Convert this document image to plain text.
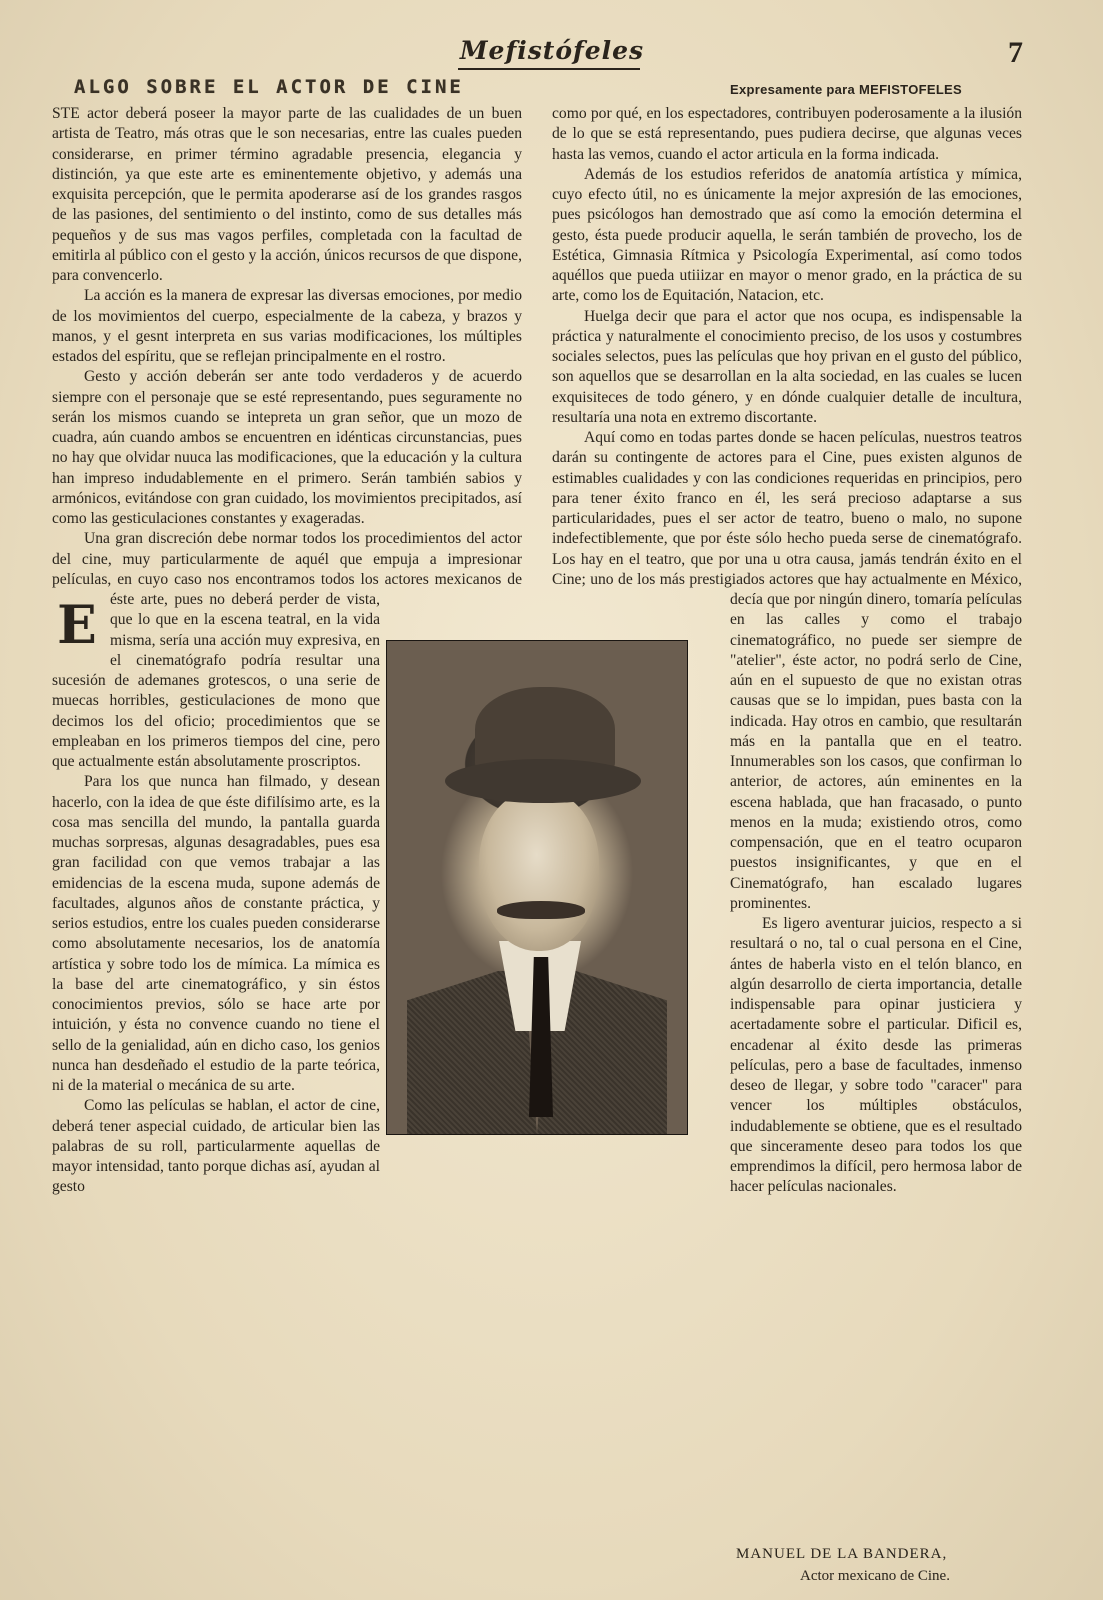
Mefistófeles	7
ALGO SOBRE EL ACTOR DE CINE	Expresamente para MEFISTOFELES

E
STE actor deberá poseer la mayor parte de las cualidades de un buen artista de Teatro, más otras que le son necesarias, entre las cuales pueden considerarse, en primer término agradable presencia, elegancia y distinción, ya que este arte es eminentemente objetivo, y además una exquisita percepción, que le permita apoderarse así de los grandes rasgos de las pasiones, del sentimiento o del instinto, como de sus detalles más pequeños y de sus mas vagos perfiles, completada con la facultad de emitirla al público con el gesto y la acción, únicos recursos de que dispone, para convencerlo.

La acción es la manera de expresar las diversas emociones, por medio de los movimientos del cuerpo, especialmente de la cabeza, y brazos y manos, y el gesnt interpreta en sus varias modificaciones, los múltiples estados del espíritu, que se reflejan principalmente en el rostro.

Gesto y acción deberán ser ante todo verdaderos y de acuerdo siempre con el personaje que se esté representando, pues seguramente no serán los mismos cuando se intepreta un gran señor, que un mozo de cuadra, aún cuando ambos se encuentren en idénticas circunstancias, pues no hay que olvidar nuuca las modificaciones, que la educación y la cultura han impreso indudablemente en el primero. Serán también sabios y armónicos, evitándose con gran cuidado, los movimientos precipitados, así como las gesticulaciones constantes y exageradas.

Una gran discreción debe normar todos los procedimientos del actor del cine, muy particularmente de aquél que empuja a impresionar películas, en cuyo caso nos encontramos todos los actores mexicanos de éste arte, pues no deberá perder de vista, que lo que en la escena teatral, en la vida misma, sería una acción muy expresiva, en el cinematógrafo podría resultar una sucesión de ademanes grotescos, o una serie de muecas horribles, gesticulaciones de mono que decimos los del oficio; procedimientos que se empleaban en los primeros tiempos del cine, pero que actualmente están absolutamente proscriptos.

Para los que nunca han filmado, y desean hacerlo, con la idea de que éste difilísimo arte, es la cosa mas sencilla del mundo, la pantalla guarda muchas sorpresas, algunas desagradables, pues esa gran facilidad con que vemos trabajar a las emidencias de la escena muda, supone además de facultades, algunos años de constante práctica, y serios estudios, entre los cuales pueden considerarse como absolutamente necesarios, los de anatomía artística y sobre todo los de mímica. La mímica es la base del arte cinematográfico, y sin éstos conocimientos previos, sólo se hace arte por intuición, y ésta no convence cuando no tiene el sello de la genialidad, aún en dicho caso, los genios nunca han desdeñado el estudio de la parte teórica, ni de la material o mecánica de su arte.

Como las películas se hablan, el actor de cine, deberá tener aspecial cuidado, de articular bien las palabras de su roll, particularmente aquellas de mayor intensidad, tanto porque dichas así, ayudan al gesto

como por qué, en los espectadores, contribuyen poderosamente a la ilusión de lo que se está representando, pues pudiera decirse, que algunas veces hasta las vemos, cuando el actor articula en la forma indicada.

Además de los estudios referidos de anatomía artística y mímica, cuyo efecto útil, no es únicamente la mejor axpresión de las emociones, pues psicólogos han demostrado que así como la emoción determina el gesto, ésta puede producir aquella, le serán también de provecho, los de Estética, Gimnasia Rítmica y Psicología Experimental, así como todos aquéllos que pueda utiiizar en mayor o menor grado, en la práctica de su arte, como los de Equitación, Natacion, etc.

Huelga decir que para el actor que nos ocupa, es indispensable la práctica y naturalmente el conocimiento preciso, de los usos y costumbres sociales selectos, pues las películas que hoy privan en el gusto del público, son aquellos que se desarrollan en la alta sociedad, en las cuales se lucen exquisiteces de todo género, y en dónde cualquier detalle de incultura, resultaría una nota en extremo discortante.

Aquí como en todas partes donde se hacen películas, nuestros teatros darán su contingente de actores para el Cine, pues existen algunos de estimables cualidades y con las condiciones requeridas en principios, pero para tener éxito franco en él, les será precioso adaptarse a sus particularidades, pues el ser actor de teatro, bueno o malo, no supone indefectiblemente, que por éste sólo hecho pueda serse de cinematógrafo. Los hay en el teatro, que por una u otra causa, jamás tendrán éxito en el Cine; uno de los más prestigiados actores que hay actualmente en México, decía que por ningún dinero, tomaría películas en las calles y como el trabajo cinematográfico, no puede ser siempre de "atelier", éste actor, no podrá serlo de Cine, aún en el supuesto de que no existan otras causas que se lo impidan, pues basta con la indicada. Hay otros en cambio, que resultarán más en la pantalla que en el teatro. Innumerables son los casos, que confirman lo anterior, de actores, aún eminentes en la escena hablada, que han fracasado, o punto menos en la muda; existiendo otros, como compensación, que en el teatro ocuparon puestos insignificantes, y que en el Cinematógrafo, han escalado lugares prominentes.

Es ligero aventurar juicios, respecto a si resultará o no, tal o cual persona en el Cine, ántes de haberla visto en el telón blanco, en algún desarrollo de cierta importancia, detalle indispensable para opinar justiciera y acertadamente sobre el particular. Dificil es, encadenar al éxito desde las primeras películas, pero a base de facultades, inmenso deseo de llegar, y sobre todo "caracer" para vencer los múltiples obstáculos, indudablemente se obtiene, que es el resultado que sinceramente deseo para todos los que emprendimos la difícil, pero hermosa labor de hacer películas nacionales.

MANUEL DE LA BANDERA,
Actor mexicano de Cine.
